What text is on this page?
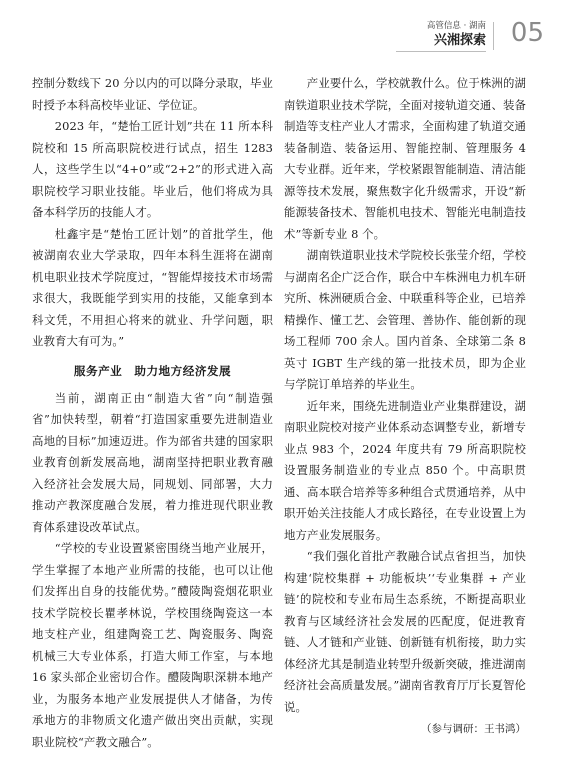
高管信息 · 湖南
兴湘探索 05

控制分数线下 20 分以内的可以降分录取，毕业时授予本科高校毕业证、学位证。

2023 年，“楚怡工匠计划”共在 11 所本科院校和 15 所高职院校进行试点，招生 1283 人，这些学生以“4+0”或“2+2”的形式进入高职院校学习职业技能。毕业后，他们将成为具备本科学历的技能人才。

杜鑫宇是“楚怡工匠计划”的首批学生，他被湖南农业大学录取，四年本科生涯将在湖南机电职业技术学院度过，“智能焊接技术市场需求很大，我既能学到实用的技能，又能拿到本科文凭，不用担心将来的就业、升学问题，职业教育大有可为。”

服务产业　助力地方经济发展

当前，湖南正由“制造大省”向“制造强省”加快转型，朝着“打造国家重要先进制造业高地的目标”加速迈进。作为部省共建的国家职业教育创新发展高地，湖南坚持把职业教育融入经济社会发展大局，同规划、同部署，大力推动产教深度融合发展，着力推进现代职业教育体系建设改革试点。

“学校的专业设置紧密围绕当地产业展开，学生掌握了本地产业所需的技能，也可以让他们发挥出自身的技能优势。”醴陵陶瓷烟花职业技术学院校长瞿孝林说，学校围绕陶瓷这一本地支柱产业，组建陶瓷工艺、陶瓷服务、陶瓷机械三大专业体系，打造大师工作室，与本地 16 家头部企业密切合作。醴陵陶职深耕本地产业，为服务本地产业发展提供人才储备，为传承地方的非物质文化遗产做出突出贡献，实现职业院校“产教文融合”。

产业要什么，学校就教什么。位于株洲的湖南铁道职业技术学院，全面对接轨道交通、装备制造等支柱产业人才需求，全面构建了轨道交通装备制造、装备运用、智能控制、管理服务 4 大专业群。近年来，学校紧跟智能制造、清洁能源等技术发展，聚焦数字化升级需求，开设“新能源装备技术、智能机电技术、智能光电制造技术”等新专业 8 个。

湖南铁道职业技术学院校长张莹介绍，学校与湖南名企广泛合作，联合中车株洲电力机车研究所、株洲硬质合金、中联重科等企业，已培养精操作、懂工艺、会管理、善协作、能创新的现场工程师 700 余人。国内首条、全球第二条 8 英寸 IGBT 生产线的第一批技术员，即为企业与学院订单培养的毕业生。

近年来，围绕先进制造业产业集群建设，湖南职业院校对接产业体系动态调整专业，新增专业点 983 个，2024 年度共有 79 所高职院校设置服务制造业的专业点 850 个。中高职贯通、高本联合培养等多种组合式贯通培养，从中职开始关注技能人才成长路径，在专业设置上为地方产业发展服务。

“我们强化首批产教融合试点省担当，加快构建‘院校集群 + 功能板块’‘专业集群 + 产业链’的院校和专业布局生态系统，不断提高职业教育与区域经济社会发展的匹配度，促进教育链、人才链和产业链、创新链有机衔接，助力实体经济尤其是制造业转型升级新突破，推进湖南经济社会高质量发展。”湖南省教育厅厅长夏智伦说。

（参与调研：王书鸿）
